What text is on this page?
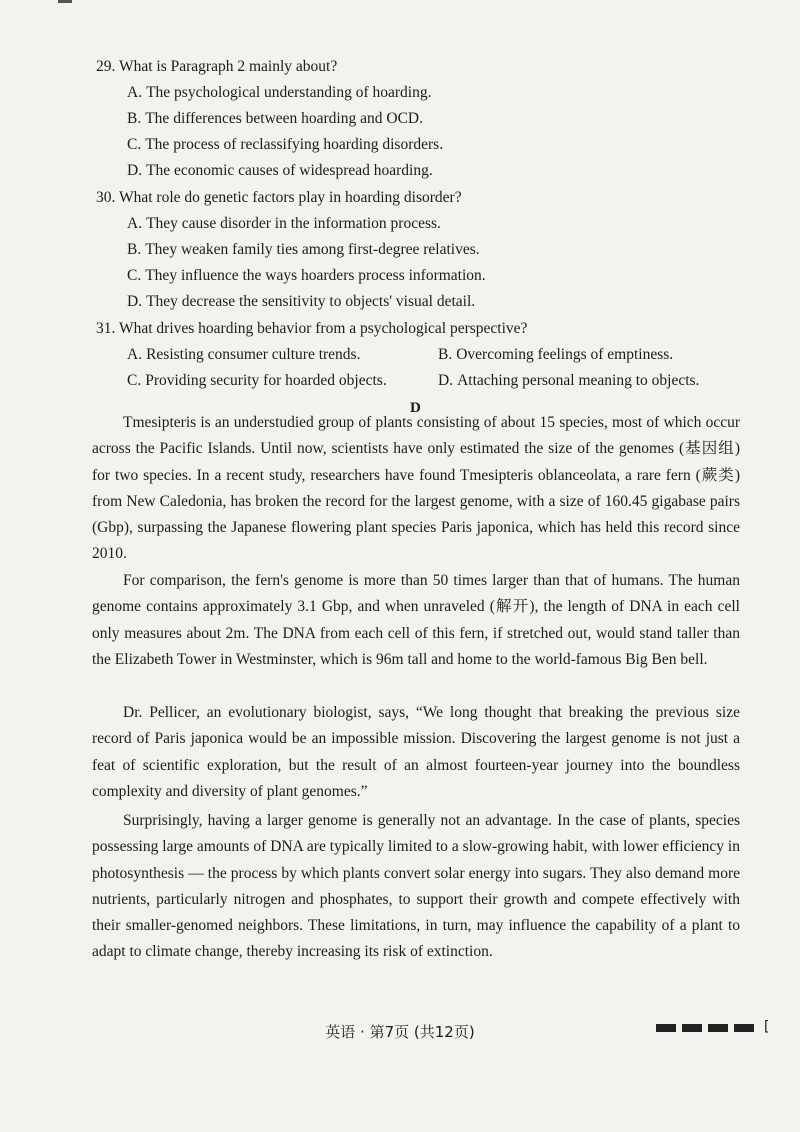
29. What is Paragraph 2 mainly about?
A. The psychological understanding of hoarding.
B. The differences between hoarding and OCD.
C. The process of reclassifying hoarding disorders.
D. The economic causes of widespread hoarding.
30. What role do genetic factors play in hoarding disorder?
A. They cause disorder in the information process.
B. They weaken family ties among first-degree relatives.
C. They influence the ways hoarders process information.
D. They decrease the sensitivity to objects' visual detail.
31. What drives hoarding behavior from a psychological perspective?
A. Resisting consumer culture trends.	B. Overcoming feelings of emptiness.
C. Providing security for hoarded objects.	D. Attaching personal meaning to objects.
D

Tmesipteris is an understudied group of plants consisting of about 15 species, most of which occur across the Pacific Islands. Until now, scientists have only estimated the size of the genomes (基因组) for two species. In a recent study, researchers have found Tmesipteris oblanceolata, a rare fern (蕨类) from New Caledonia, has broken the record for the largest genome, with a size of 160.45 gigabase pairs (Gbp), surpassing the Japanese flowering plant species Paris japonica, which has held this record since 2010.

For comparison, the fern's genome is more than 50 times larger than that of humans. The human genome contains approximately 3.1 Gbp, and when unraveled (解开), the length of DNA in each cell only measures about 2m. The DNA from each cell of this fern, if stretched out, would stand taller than the Elizabeth Tower in Westminster, which is 96m tall and home to the world-famous Big Ben bell.

Dr. Pellicer, an evolutionary biologist, says, “We long thought that breaking the previous size record of Paris japonica would be an impossible mission. Discovering the largest genome is not just a feat of scientific exploration, but the result of an almost fourteen-year journey into the boundless complexity and diversity of plant genomes.”

Surprisingly, having a larger genome is generally not an advantage. In the case of plants, species possessing large amounts of DNA are typically limited to a slow-growing habit, with lower efficiency in photosynthesis — the process by which plants convert solar energy into sugars. They also demand more nutrients, particularly nitrogen and phosphates, to support their growth and compete effectively with their smaller-genomed neighbors. These limitations, in turn, may influence the capability of a plant to adapt to climate change, thereby increasing its risk of extinction.

英语 · 第7页 (共12页)	[
